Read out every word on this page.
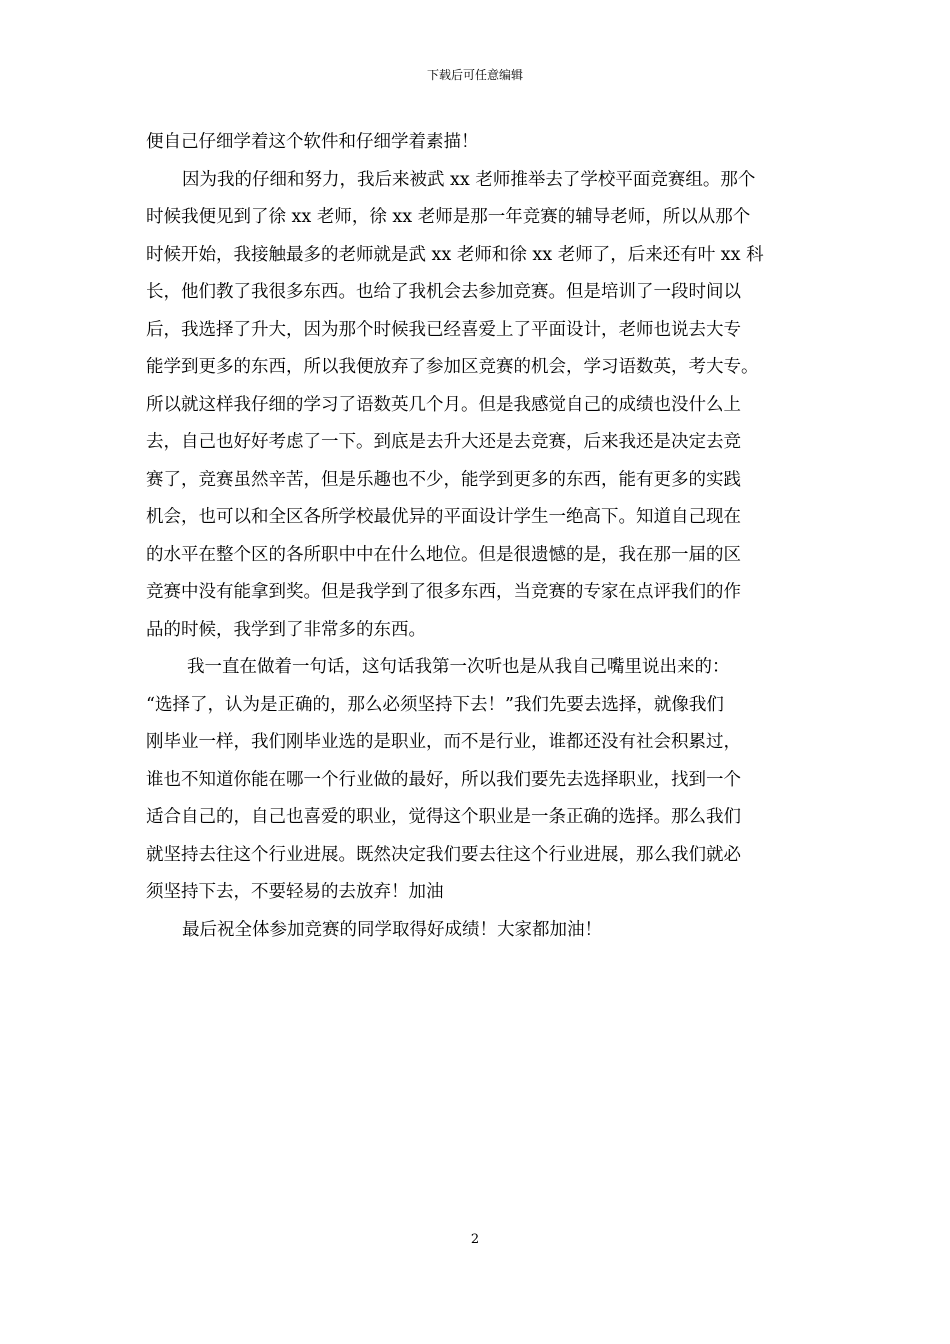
下载后可任意编辑
便自己仔细学着这个软件和仔细学着素描！
因为我的仔细和努力，我后来被武 xx 老师推举去了学校平面竞赛组。那个
时候我便见到了徐 xx 老师，徐 xx 老师是那一年竞赛的辅导老师，所以从那个
时候开始，我接触最多的老师就是武 xx 老师和徐 xx 老师了，后来还有叶 xx 科
长，他们教了我很多东西。也给了我机会去参加竞赛。但是培训了一段时间以
后，我选择了升大，因为那个时候我已经喜爱上了平面设计，老师也说去大专
能学到更多的东西，所以我便放弃了参加区竞赛的机会，学习语数英，考大专。
所以就这样我仔细的学习了语数英几个月。但是我感觉自己的成绩也没什么上
去，自己也好好考虑了一下。到底是去升大还是去竞赛，后来我还是决定去竞
赛了，竞赛虽然辛苦，但是乐趣也不少，能学到更多的东西，能有更多的实践
机会，也可以和全区各所学校最优异的平面设计学生一绝高下。知道自己现在
的水平在整个区的各所职中中在什么地位。但是很遗憾的是，我在那一届的区
竞赛中没有能拿到奖。但是我学到了很多东西，当竞赛的专家在点评我们的作
品的时候，我学到了非常多的东西。
我一直在做着一句话，这句话我第一次听也是从我自己嘴里说出来的：
“选择了，认为是正确的，那么必须坚持下去！”我们先要去选择，就像我们
刚毕业一样，我们刚毕业选的是职业，而不是行业，谁都还没有社会积累过，
谁也不知道你能在哪一个行业做的最好，所以我们要先去选择职业，找到一个
适合自己的，自己也喜爱的职业，觉得这个职业是一条正确的选择。那么我们
就坚持去往这个行业进展。既然决定我们要去往这个行业进展，那么我们就必
须坚持下去，不要轻易的去放弃！加油
最后祝全体参加竞赛的同学取得好成绩！大家都加油！
2
